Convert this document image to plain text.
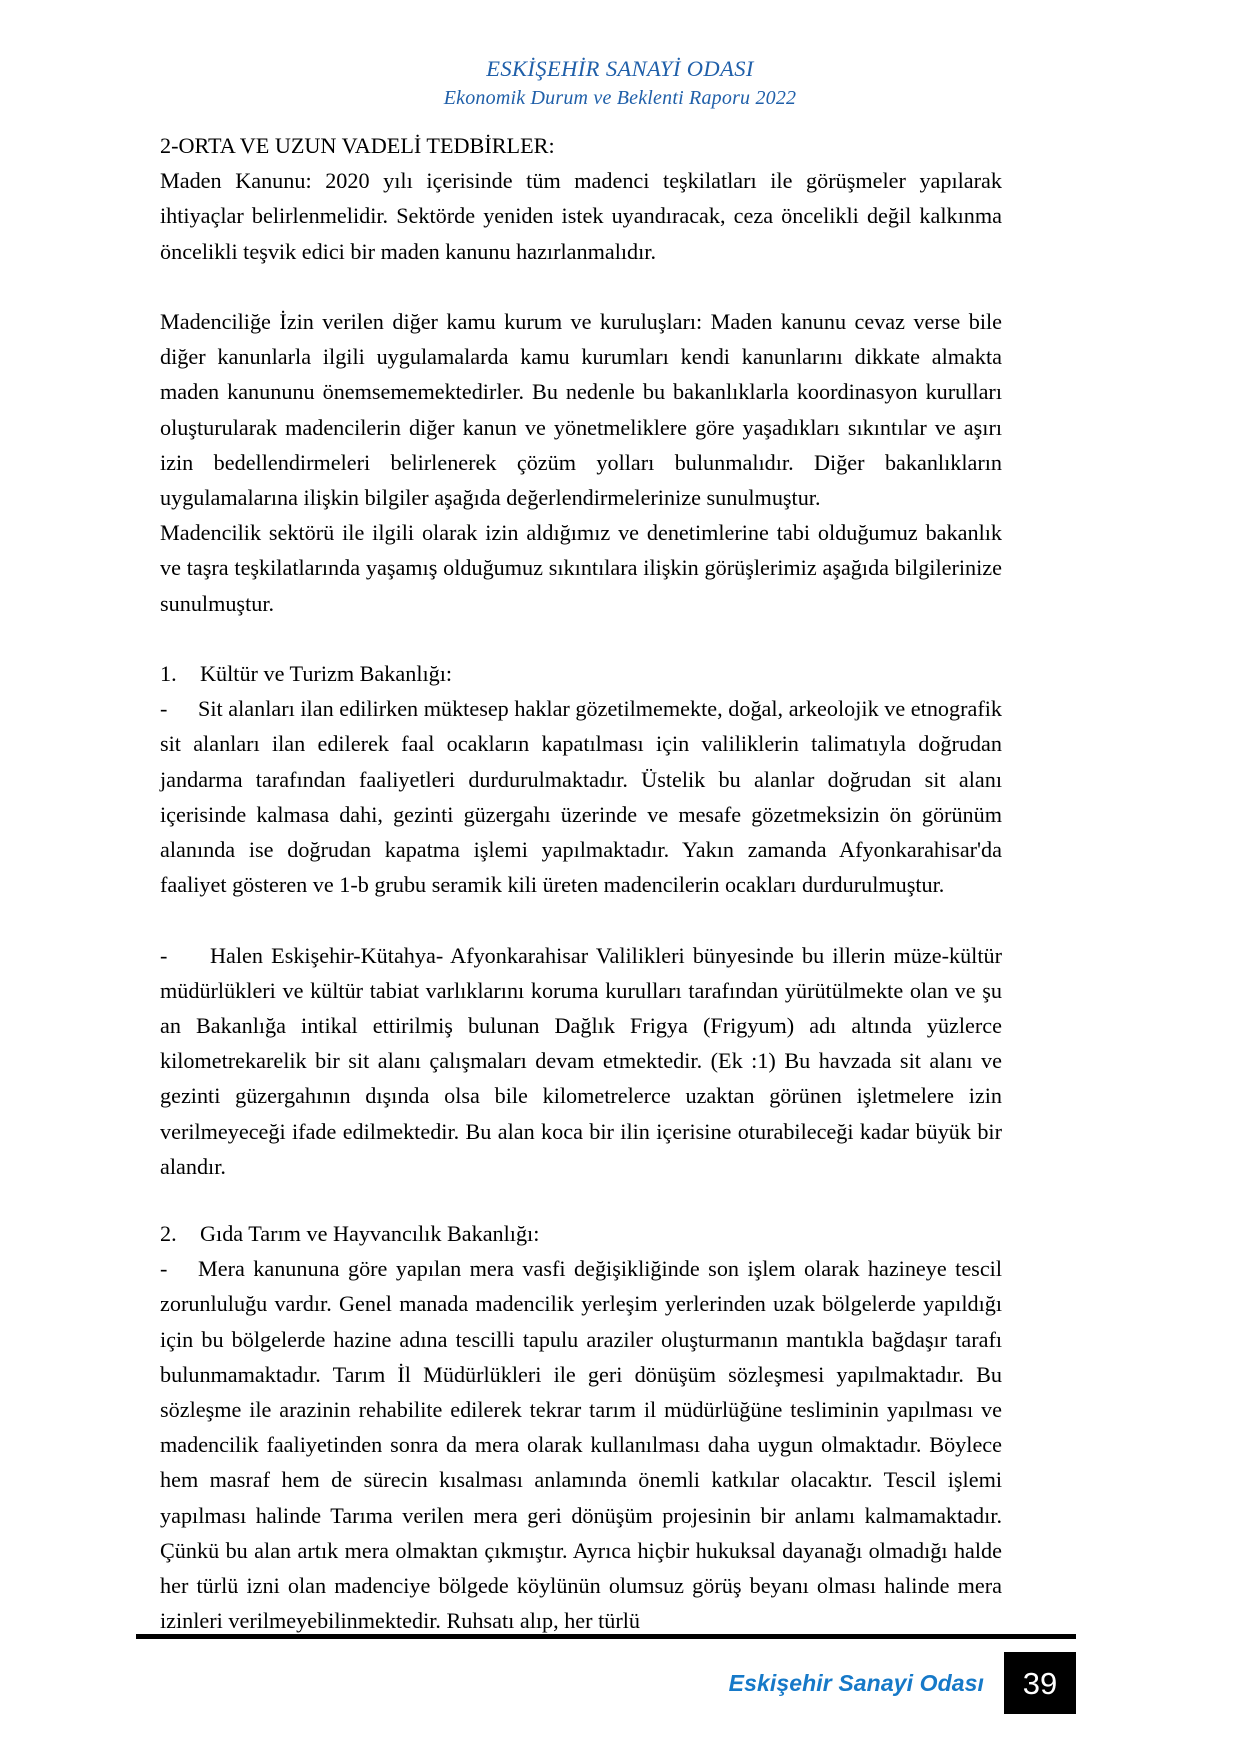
ESKİŞEHİR SANAYİ ODASI
Ekonomik Durum ve Beklenti Raporu 2022

2-ORTA VE UZUN VADELİ TEDBİRLER:

Maden Kanunu: 2020 yılı içerisinde tüm madenci teşkilatları ile görüşmeler yapılarak ihtiyaçlar belirlenmelidir. Sektörde yeniden istek uyandıracak, ceza öncelikli değil kalkınma öncelikli teşvik edici bir maden kanunu hazırlanmalıdır.

Madenciliğe İzin verilen diğer kamu kurum ve kuruluşları: Maden kanunu cevaz verse bile diğer kanunlarla ilgili uygulamalarda kamu kurumları kendi kanunlarını dikkate almakta maden kanununu önemsememektedirler. Bu nedenle bu bakanlıklarla koordinasyon kurulları oluşturularak madencilerin diğer kanun ve yönetmeliklere göre yaşadıkları sıkıntılar ve aşırı izin bedellendirmeleri belirlenerek çözüm yolları bulunmalıdır. Diğer bakanlıkların uygulamalarına ilişkin bilgiler aşağıda değerlendirmelerinize sunulmuştur.

Madencilik sektörü ile ilgili olarak izin aldığımız ve denetimlerine tabi olduğumuz bakanlık ve taşra teşkilatlarında yaşamış olduğumuz sıkıntılara ilişkin görüşlerimiz aşağıda bilgilerinize sunulmuştur.

1. Kültür ve Turizm Bakanlığı:

- Sit alanları ilan edilirken müktesep haklar gözetilmemekte, doğal, arkeolojik ve etnografik sit alanları ilan edilerek faal ocakların kapatılması için valiliklerin talimatıyla doğrudan jandarma tarafından faaliyetleri durdurulmaktadır. Üstelik bu alanlar doğrudan sit alanı içerisinde kalmasa dahi, gezinti güzergahı üzerinde ve mesafe gözetmeksizin ön görünüm alanında ise doğrudan kapatma işlemi yapılmaktadır. Yakın zamanda Afyonkarahisar'da faaliyet gösteren ve 1-b grubu seramik kili üreten madencilerin ocakları durdurulmuştur.

- Halen Eskişehir-Kütahya- Afyonkarahisar Valilikleri bünyesinde bu illerin müze-kültür müdürlükleri ve kültür tabiat varlıklarını koruma kurulları tarafından yürütülmekte olan ve şu an Bakanlığa intikal ettirilmiş bulunan Dağlık Frigya (Frigyum) adı altında yüzlerce kilometrekarelik bir sit alanı çalışmaları devam etmektedir. (Ek :1) Bu havzada sit alanı ve gezinti güzergahının dışında olsa bile kilometrelerce uzaktan görünen işletmelere izin verilmeyeceği ifade edilmektedir. Bu alan koca bir ilin içerisine oturabileceği kadar büyük bir alandır.

2. Gıda Tarım ve Hayvancılık Bakanlığı:

- Mera kanununa göre yapılan mera vasfi değişikliğinde son işlem olarak hazineye tescil zorunluluğu vardır. Genel manada madencilik yerleşim yerlerinden uzak bölgelerde yapıldığı için bu bölgelerde hazine adına tescilli tapulu araziler oluşturmanın mantıkla bağdaşır tarafı bulunmamaktadır. Tarım İl Müdürlükleri ile geri dönüşüm sözleşmesi yapılmaktadır. Bu sözleşme ile arazinin rehabilite edilerek tekrar tarım il müdürlüğüne tesliminin yapılması ve madencilik faaliyetinden sonra da mera olarak kullanılması daha uygun olmaktadır. Böylece hem masraf hem de sürecin kısalması anlamında önemli katkılar olacaktır. Tescil işlemi yapılması halinde Tarıma verilen mera geri dönüşüm projesinin bir anlamı kalmamaktadır. Çünkü bu alan artık mera olmaktan çıkmıştır. Ayrıca hiçbir hukuksal dayanağı olmadığı halde her türlü izni olan madenciye bölgede köylünün olumsuz görüş beyanı olması halinde mera izinleri verilmeyebilinmektedir. Ruhsatı alıp, her türlü

Eskişehir Sanayi Odası	39
